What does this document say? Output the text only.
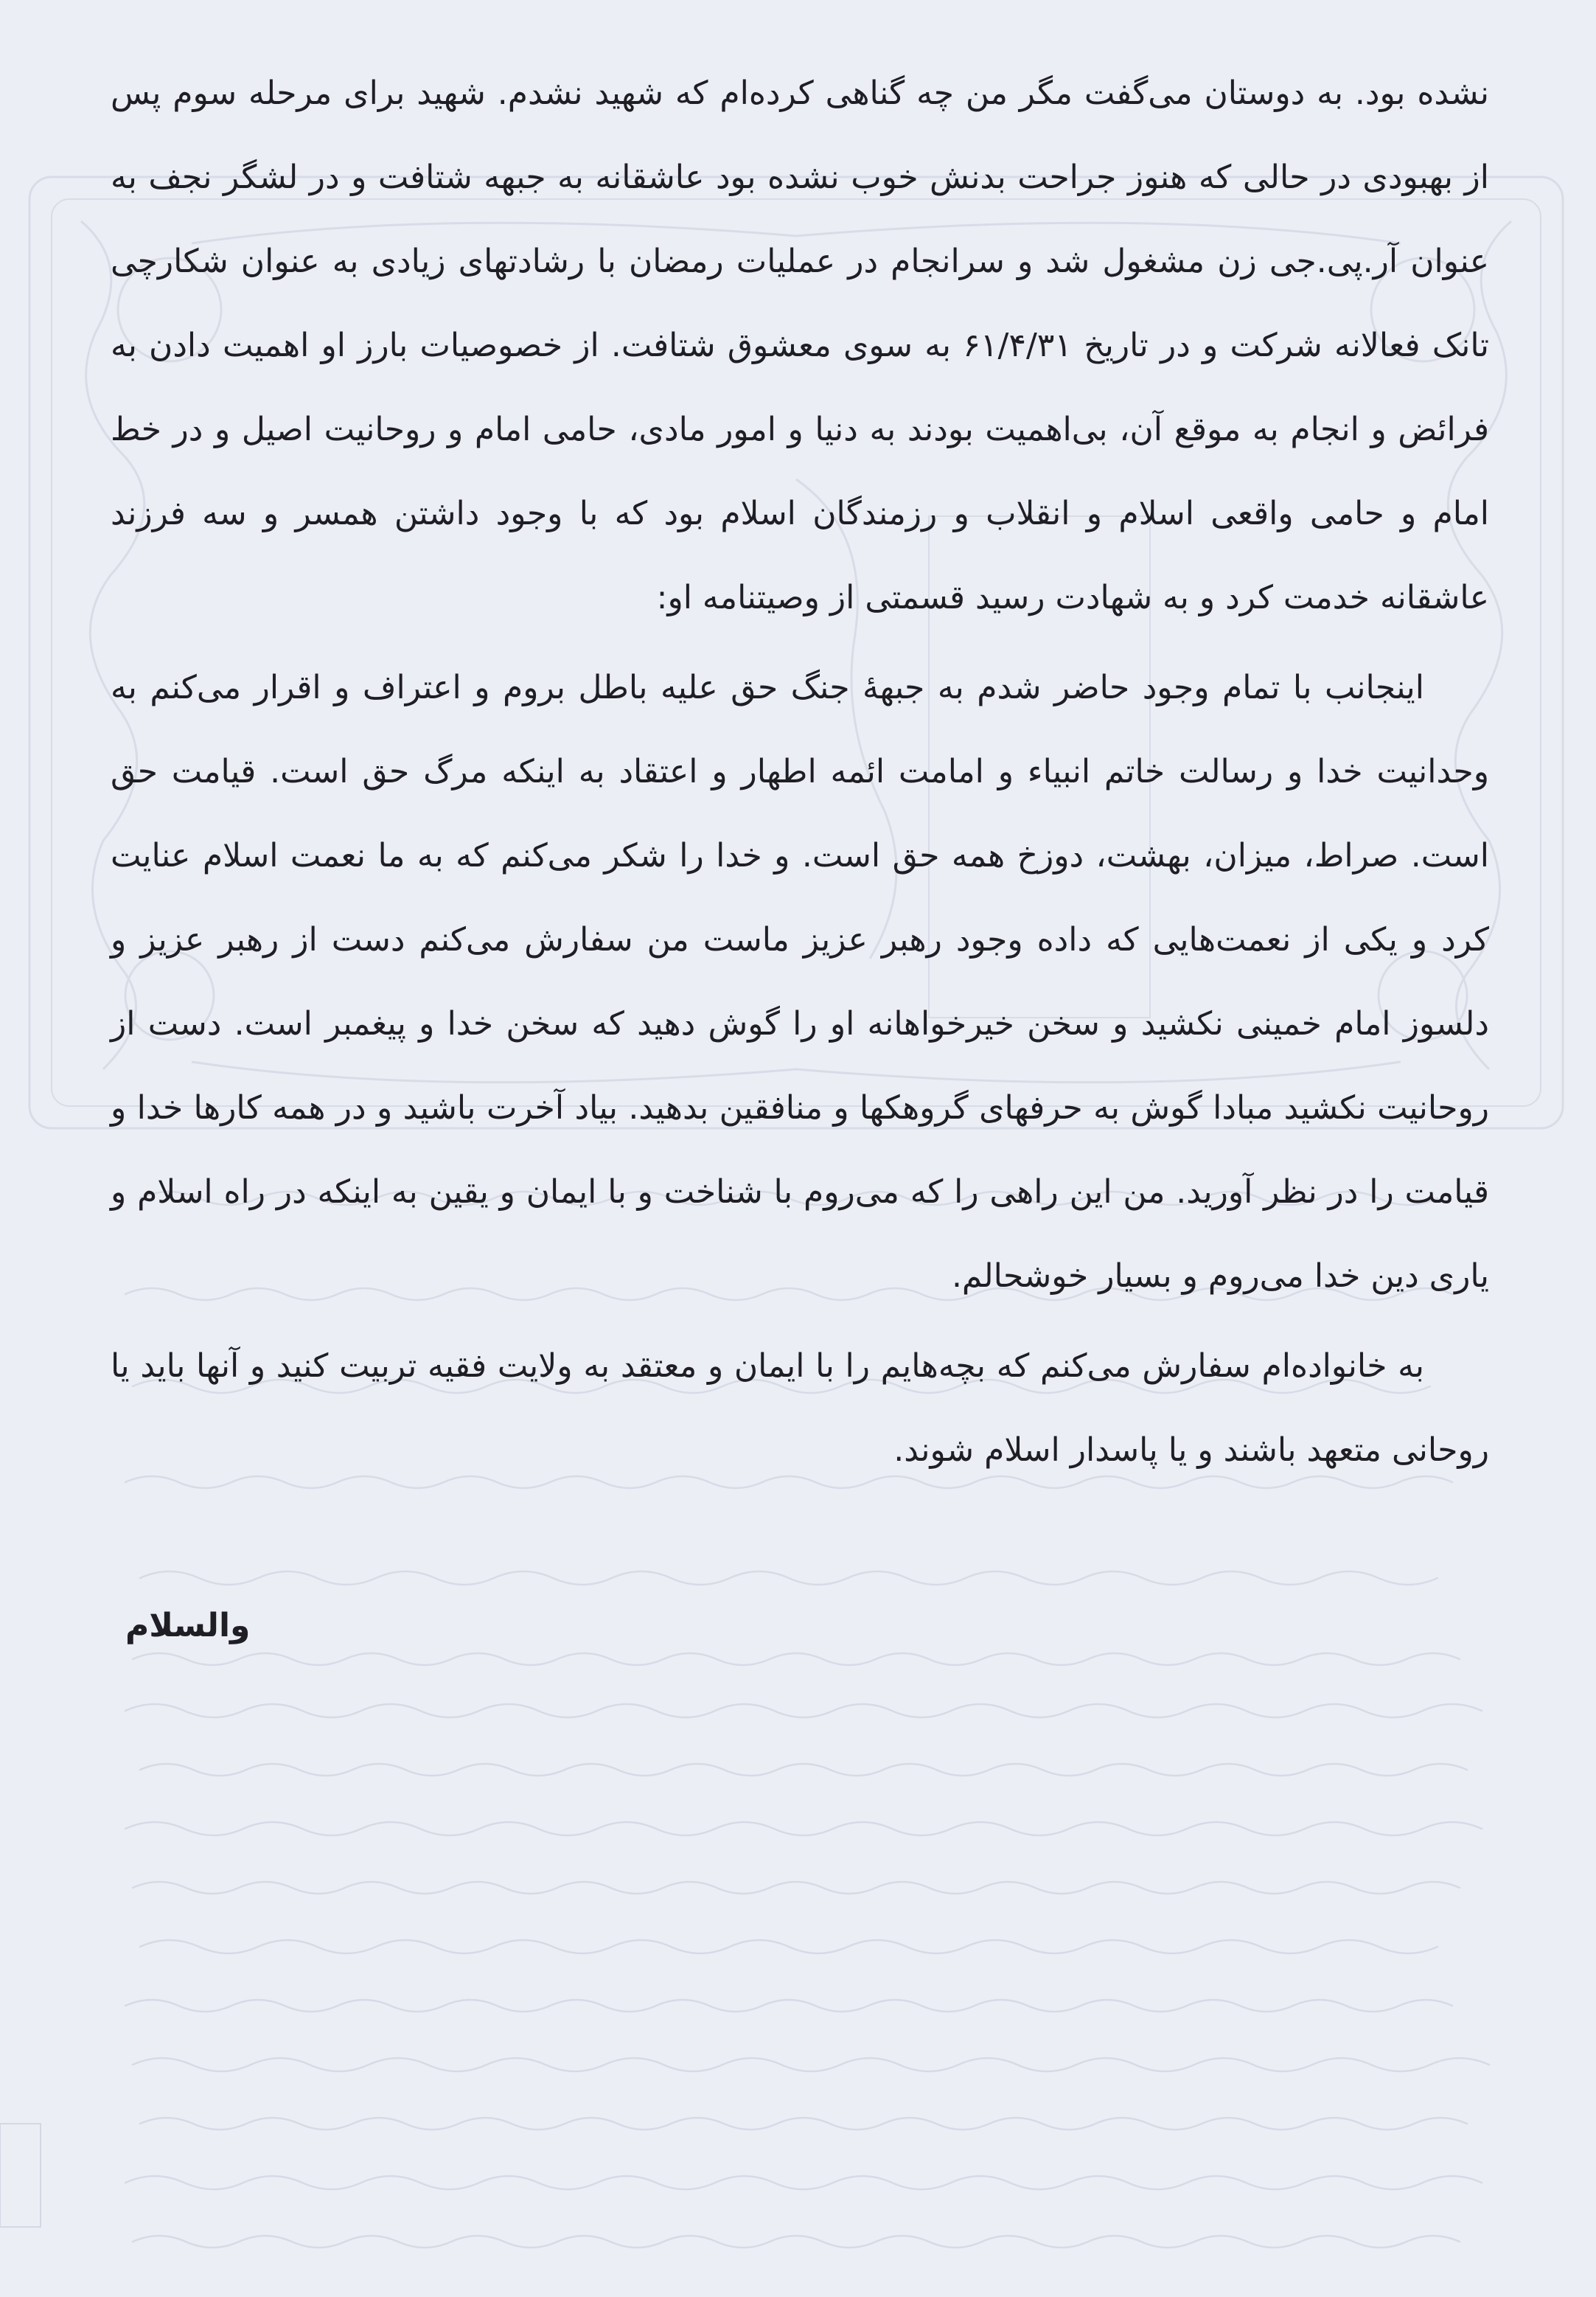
نشده بود. به دوستان می‌گفت مگر من چه گناهی کرده‌ام که شهید نشدم. شهید برای مرحله سوم پس از بهبودی در حالی که هنوز جراحت بدنش خوب نشده بود عاشقانه به جبهه شتافت و در لشگر نجف به عنوان آر.پی.جی زن مشغول شد و سرانجام در عملیات رمضان با رشادتهای زیادی به عنوان شکارچی تانک فعالانه شرکت و در تاریخ ۶۱/۴/۳۱ به سوی معشوق شتافت. از خصوصیات بارز او اهمیت دادن به فرائض و انجام به موقع آن، بی‌اهمیت بودند به دنیا و امور مادی، حامی امام و روحانیت اصیل و در خط امام و حامی واقعی اسلام و انقلاب و رزمندگان اسلام بود که با وجود داشتن همسر و سه فرزند عاشقانه خدمت کرد و به شهادت رسید قسمتی از وصیتنامه او:

اینجانب با تمام وجود حاضر شدم به جبههٔ جنگ حق علیه باطل بروم و اعتراف و اقرار می‌کنم به وحدانیت خدا و رسالت خاتم انبیاء و امامت ائمه اطهار و اعتقاد به اینکه مرگ حق است. قیامت حق است. صراط، میزان، بهشت، دوزخ همه حق است. و خدا را شکر می‌کنم که به ما نعمت اسلام عنایت کرد و یکی از نعمت‌هایی که داده وجود رهبر عزیز ماست من سفارش می‌کنم دست از رهبر عزیز و دلسوز امام خمینی نکشید و سخن خیرخواهانه او را گوش دهید که سخن خدا و پیغمبر است. دست از روحانیت نکشید مبادا گوش به حرفهای گروهکها و منافقین بدهید. بیاد آخرت باشید و در همه کارها خدا و قیامت را در نظر آورید. من این راهی را که می‌روم با شناخت و با ایمان و یقین به اینکه در راه اسلام و یاری دین خدا می‌روم و بسیار خوشحالم.

به خانواده‌ام سفارش می‌کنم که بچه‌هایم را با ایمان و معتقد به ولایت فقیه تربیت کنید و آنها باید یا روحانی متعهد باشند و یا پاسدار اسلام شوند.

والسلام
